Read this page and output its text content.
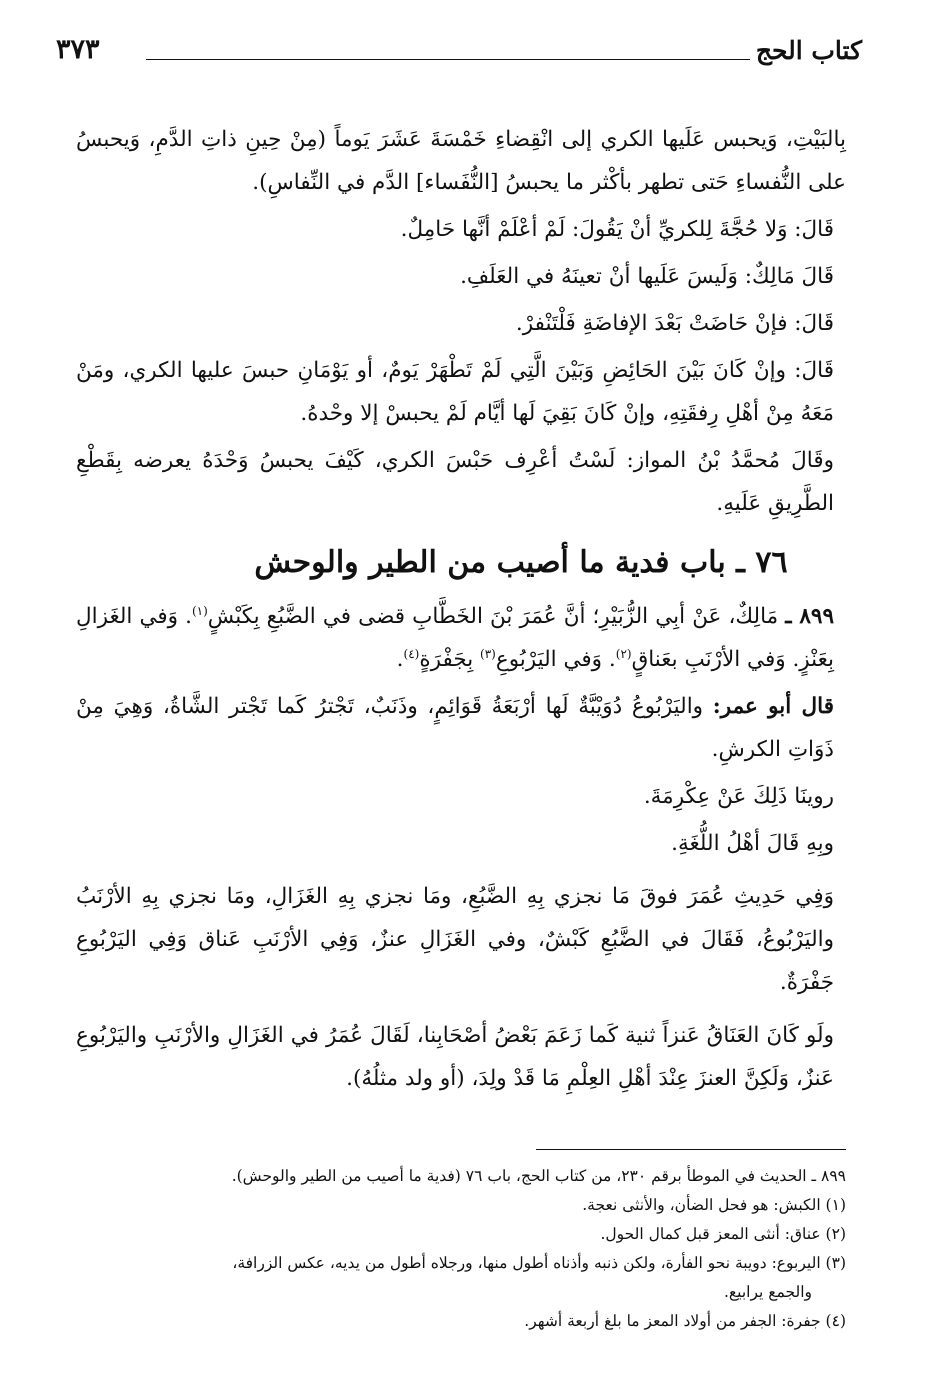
كتاب الحج
٣٧٣

بِالبَيْتِ، وَيحبس عَلَيها الكري إلى انْقِضاءِ خَمْسَةَ عَشَرَ يَوماً (مِنْ حِينِ ذاتِ الدَّمِ، وَيحبسُ على النُّفساءِ حَتى تطهر بأكْثر ما يحبسُ [النُّفَساء] الدَّم في النِّفاسِ).

قَالَ: وَلا حُجَّةَ لِلكريِّ أنْ يَقُولَ: لَمْ أعْلَمْ أنَّها حَامِلٌ.

قَالَ مَالِكٌ: وَلَيسَ عَلَيها أنْ تعينَهُ في العَلَفِ.

قَالَ: فإنْ حَاضَتْ بَعْدَ الإفاضَةِ فَلْتَنْفرْ.

قَالَ: وإنْ كَانَ بَيْنَ الحَائِضِ وَبَيْنَ الَّتِي لَمْ تَطْهَرْ يَومٌ، أو يَوْمَانِ حبسَ عليها الكري، ومَنْ مَعَهُ مِنْ أهْلِ رِفقَتِهِ، وإنْ كَانَ بَقِيَ لَها أيَّام لَمْ يحبسْ إلا وحْدهُ.

وقَالَ مُحمَّدُ بْنُ المواز: لَسْتُ أعْرِف حَبْسَ الكري، كَيْفَ يحبسُ وَحْدَهُ يعرضه بِقَطْعِ الطَّرِيقِ عَلَيهِ.

٧٦ ـ باب فدية ما أصيب من الطير والوحش

٨٩٩ ـ مَالِكٌ، عَنْ أبِي الزُّبَيْرِ؛ أنَّ عُمَرَ بْنَ الخَطَّابِ قضى في الضَّبُعِ بِكَبْشٍ$^{(١)}$. وَفي الغَزالِ بِعَنْزٍ. وَفي الأرْنَبِ بعَناقٍ$^{(٢)}$. وَفي اليَرْبُوعِ$^{(٣)}$ بِجَفْرَةٍ$^{(٤)}$.

قال أبو عمر: واليَرْبُوعُ دُوَيْبَّةٌ لَها أرْبَعَةُ قَوَائِمٍ، وذَنَبٌ، تَجْترُ كَما تَجْتر الشَّاةُ، وَهِيَ مِنْ ذَوَاتِ الكرشِ.

روينَا ذَلِكَ عَنْ عِكْرِمَةَ.

وبِهِ قَالَ أهْلُ اللُّغَةِ.

وَفِي حَدِيثِ عُمَرَ فوقَ مَا نجزي بِهِ الضَّبُعِ، ومَا نجزي بِهِ الغَزَالِ، ومَا نجزي بِهِ الأرْنَبُ واليَرْبُوعُ، فَقَالَ في الضَّبُعِ كَبْشٌ، وفي الغَزَالِ عنزٌ، وَفِي الأرْنَبِ عَناق وَفِي اليَرْبُوعِ جَفْرَةٌ.

ولَو كَانَ العَنَاقُ عَنزاً ثنية كَما زَعَمَ بَعْضُ أصْحَابِنا، لَقَالَ عُمَرُ في الغَزَالِ والأرْنَبِ واليَرْبُوعِ عَنزٌ، وَلَكِنَّ العنزَ عِنْدَ أهْلِ العِلْمِ مَا قَدْ ولِدَ، (أو ولد مثلُهُ).

٨٩٩ ـ الحديث في الموطأ برقم ٢٣٠، من كتاب الحج، باب ٧٦ (فدية ما أصيب من الطير والوحش).

(١) الكبش: هو فحل الضأن، والأنثى نعجة.

(٢) عناق: أنثى المعز قبل كمال الحول.

(٣) اليربوع: دويبة نحو الفأرة، ولكن ذنبه وأذناه أطول منها، ورجلاه أطول من يديه، عكس الزرافة،

والجمع يرابيع.

(٤) جفرة: الجفر من أولاد المعز ما بلغ أربعة أشهر.
